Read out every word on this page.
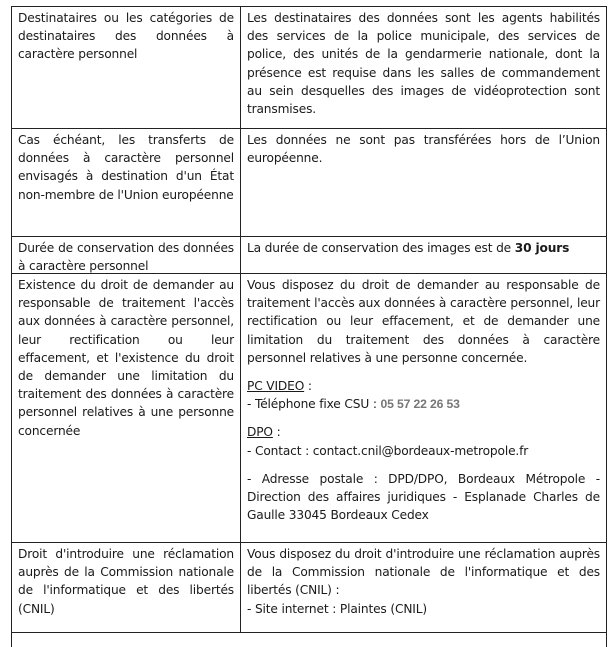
Destinataires ou les catégories de destinataires des données à caractère personnel
Les destinataires des données sont les agents habilités des services de la police municipale, des services de police, des unités de la gendarmerie nationale, dont la présence est requise dans les salles de commandement au sein desquelles des images de vidéoprotection sont transmises.
Cas échéant, les transferts de données à caractère personnel envisagés à destination d'un État non-membre de l'Union européenne
Les données ne sont pas transférées hors de l’Union européenne.
Durée de conservation des données à caractère personnel
La durée de conservation des images est de 30 jours
Existence du droit de demander au responsable de traitement l'accès aux données à caractère personnel, leur rectification ou leur effacement, et l'existence du droit de demander une limitation du traitement des données à caractère personnel relatives à une personne concernée

Vous disposez du droit de demander au responsable de traitement l'accès aux données à caractère personnel, leur rectification ou leur effacement, et de demander une limitation du traitement des données à caractère personnel relatives à une personne concernée.

PC VIDEO :

- Téléphone fixe CSU : 05 57 22 26 53

DPO :

- Contact : contact.cnil@bordeaux-metropole.fr

- Adresse postale : DPD/DPO, Bordeaux Métropole - Direction des affaires juridiques - Esplanade Charles de Gaulle 33045 Bordeaux Cedex

Droit d'introduire une réclamation auprès de la Commission nationale de l'informatique et des libertés (CNIL)

Vous disposez du droit d'introduire une réclamation auprès de la Commission nationale de l'informatique et des libertés (CNIL) :

- Site internet : Plaintes (CNIL)
